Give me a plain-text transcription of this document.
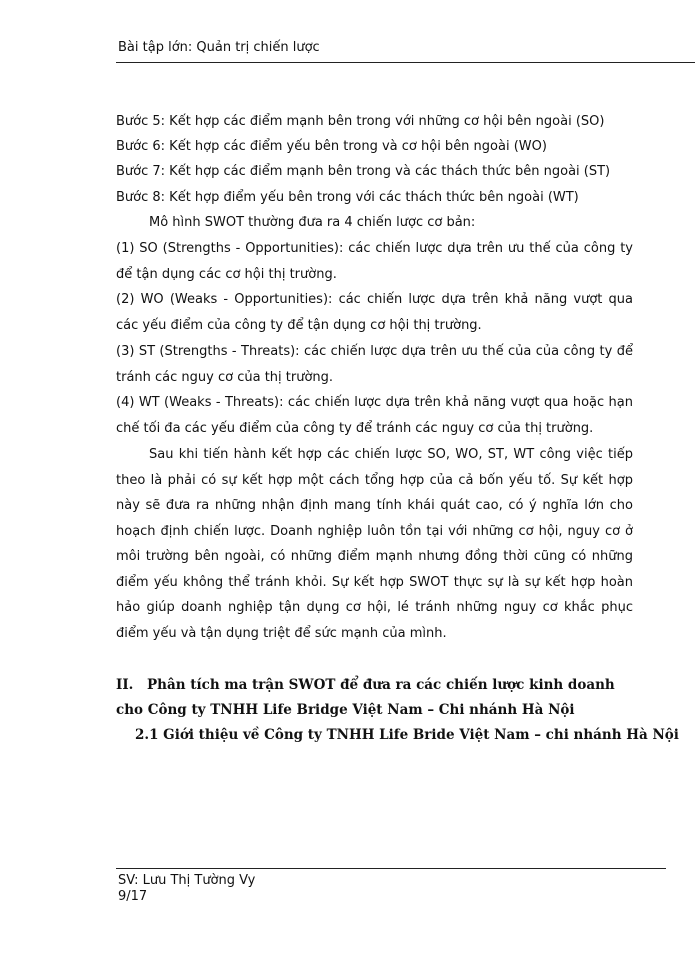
Bài tập lớn: Quản trị chiến lược
Bước 5: Kết hợp các điểm mạnh bên trong với những cơ hội bên ngoài (SO)
Bước 6: Kết hợp các điểm yếu bên trong và cơ hội bên ngoài (WO)
Bước 7: Kết hợp các điểm mạnh bên trong và các thách thức bên ngoài (ST)
Bước 8: Kết hợp điểm yếu bên trong với các thách thức bên ngoài (WT)
Mô hình SWOT thường đưa ra 4 chiến lược cơ bản:
(1) SO (Strengths - Opportunities): các chiến lược dựa trên ưu thế của công ty để tận dụng các cơ hội thị trường.
(2) WO (Weaks - Opportunities): các chiến lược dựa trên khả năng vượt qua các yếu điểm của công ty để tận dụng cơ hội thị trường.
(3) ST (Strengths - Threats): các chiến lược dựa trên ưu thế của của công ty để tránh các nguy cơ của thị trường.
(4) WT (Weaks - Threats): các chiến lược dựa trên khả năng vượt qua hoặc hạn chế tối đa các yếu điểm của công ty để tránh các nguy cơ của thị trường.
Sau khi tiến hành kết hợp các chiến lược SO, WO, ST, WT công việc tiếp theo là phải có sự kết hợp một cách tổng hợp của cả bốn yếu tố. Sự kết hợp này sẽ đưa ra những nhận định mang tính khái quát cao, có ý nghĩa lớn cho hoạch định chiến lược. Doanh nghiệp luôn tồn tại với những cơ hội, nguy cơ ở môi trường bên ngoài, có những điểm mạnh nhưng đồng thời cũng có những điểm yếu không thể tránh khỏi. Sự kết hợp SWOT thực sự là sự kết hợp hoàn hảo giúp doanh nghiệp tận dụng cơ hội, lé tránh những nguy cơ khắc phục điểm yếu và tận dụng triệt để sức mạnh của mình.
II. Phân tích ma trận SWOT để đưa ra các chiến lược kinh doanh cho Công ty TNHH Life Bridge Việt Nam – Chi nhánh Hà Nội
2.1 Giới thiệu về Công ty TNHH Life Bride Việt Nam – chi nhánh Hà Nội
SV: Lưu Thị Tường Vy
9/17
